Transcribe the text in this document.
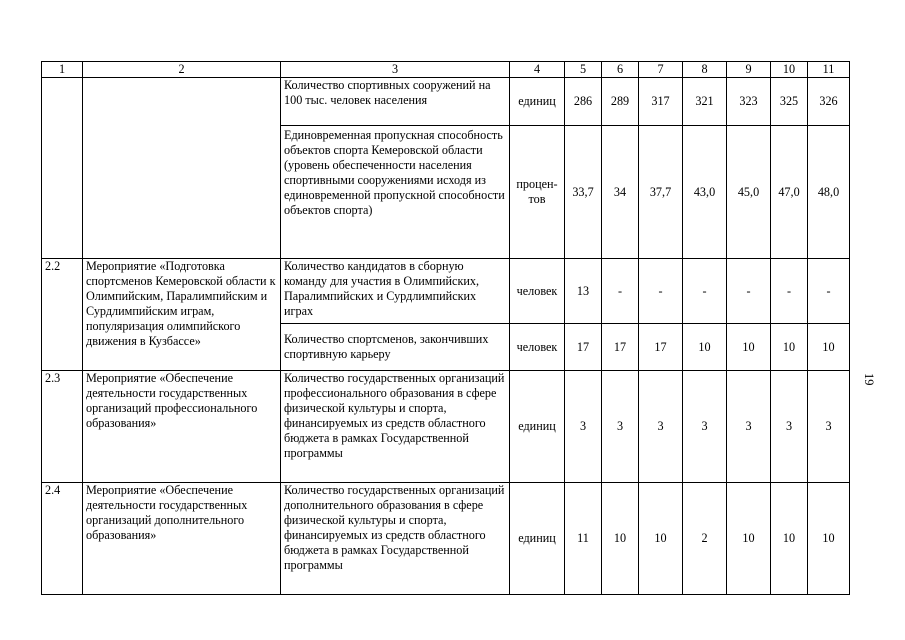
1	2	3	4	5	6	7	8	9	10	11
		Количество спортивных сооружений на 100 тыс. человек населения	единиц	286	289	317	321	323	325	326
		Единовременная пропускная способность объектов спорта Кемеровской области (уровень обеспеченности населения спортивными сооружениями исходя из единовременной пропускной способности объектов спорта)	процен-тов	33,7	34	37,7	43,0	45,0	47,0	48,0
2.2	Мероприятие «Подготовка спортсменов Кемеровской области к Олимпийским, Паралимпийским и Сурдлимпийским играм, популяризация олимпийского движения в Кузбассе»	Количество кандидатов в сборную команду для участия в Олимпийских, Паралимпийских и Сурдлимпийских играх	человек	13	-	-	-	-	-	-
		Количество спортсменов, закончивших спортивную карьеру	человек	17	17	17	10	10	10	10
2.3	Мероприятие «Обеспечение деятельности государственных организаций профессионального образования»	Количество государственных организаций профессионального образования в сфере физической культуры и спорта, финансируемых из средств областного бюджета в рамках Государственной программы	единиц	3	3	3	3	3	3	3
2.4	Мероприятие «Обеспечение деятельности государственных организаций дополнительного образования»	Количество государственных организаций дополнительного образования в сфере физической культуры и спорта, финансируемых из средств областного бюджета в рамках Государственной программы	единиц	11	10	10	2	10	10	10
19
